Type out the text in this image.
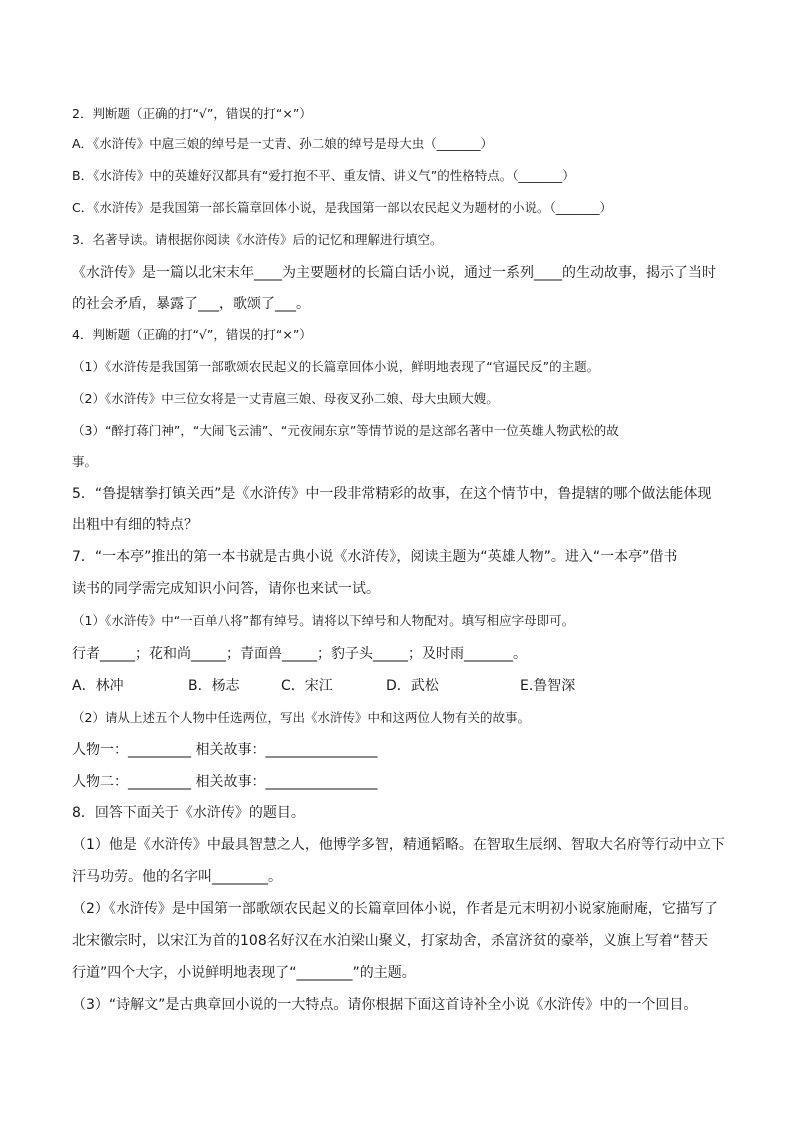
2．判断题（正确的打“√”，错误的打“×”）
A．《水浒传》中扈三娘的绰号是一丈青、孙二娘的绰号是母大虫（_______）
B．《水浒传》中的英雄好汉都具有“爱打抱不平、重友情、讲义气”的性格特点。（_______）
C．《水浒传》是我国第一部长篇章回体小说，是我国第一部以农民起义为题材的小说。（_______）
3．名著导读。请根据你阅读《水浒传》后的记忆和理解进行填空。
《水浒传》是一篇以北宋末年____为主要题材的长篇白话小说，通过一系列____的生动故事，揭示了当时
的社会矛盾，暴露了___，歌颂了___。
4．判断题（正确的打“√”，错误的打“×”）
（1）《水浒传是我国第一部歌颂农民起义的长篇章回体小说，鲜明地表现了“官逼民反”的主题。
（2）《水浒传》中三位女将是一丈青扈三娘、母夜叉孙二娘、母大虫顾大嫂。
（3）“醉打蒋门神”，“大闹飞云浦”、“元夜闹东京”等情节说的是这部名著中一位英雄人物武松的故
事。
5．“鲁提辖拳打镇关西”是《水浒传》中一段非常精彩的故事，在这个情节中，鲁提辖的哪个做法能体现
出粗中有细的特点？
7．“一本亭”推出的第一本书就是古典小说《水浒传》，阅读主题为“英雄人物”。进入“一本亭”借书
读书的同学需完成知识小问答，请你也来试一试。
（1）《水浒传》中“一百单八将”都有绰号。请将以下绰号和人物配对。填写相应字母即可。
行者_____；花和尚_____；青面兽_____；豹子头_____；及时雨_______。
A．林冲	B．杨志	C．宋江	D．武松	E.鲁智深
（2）请从上述五个人物中任选两位，写出《水浒传》中和这两位人物有关的故事。
人物一：_________ 相关故事：________________
人物二：_________ 相关故事：________________
8．回答下面关于《水浒传》的题目。
（1）他是《水浒传》中最具智慧之人，他博学多智，精通韬略。在智取生辰纲、智取大名府等行动中立下
汗马功劳。他的名字叫________。
（2）《水浒传》是中国第一部歌颂农民起义的长篇章回体小说，作者是元末明初小说家施耐庵，它描写了
北宋徽宗时，以宋江为首的108名好汉在水泊梁山聚义，打家劫舍，杀富济贫的豪举，义旗上写着“替天
行道”四个大字，小说鲜明地表现了“________”的主题。
（3）“诗解文”是古典章回小说的一大特点。请你根据下面这首诗补全小说《水浒传》中的一个回目。
